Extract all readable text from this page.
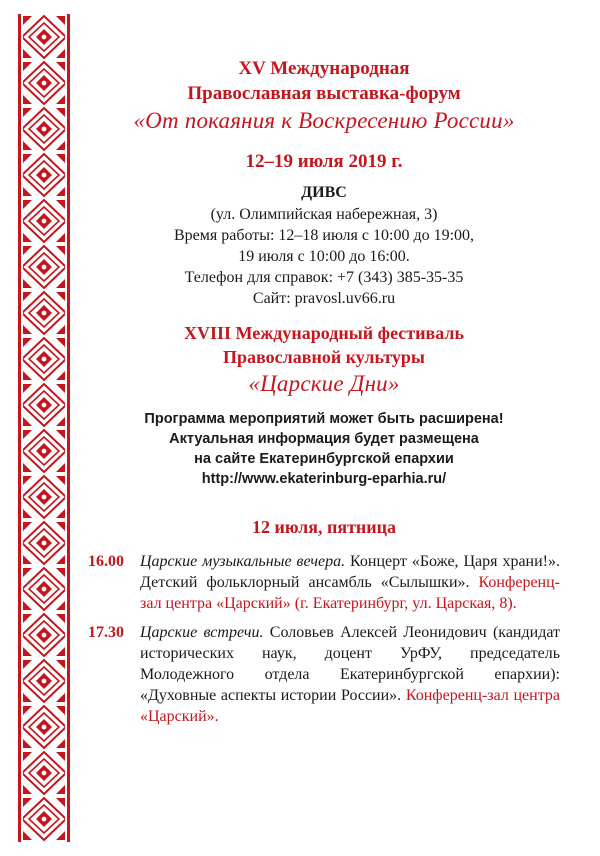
XV Международная
Православная выставка-форум
«От покаяния к Воскресению России»
12–19 июля 2019 г.
ДИВС
(ул. Олимпийская набережная, 3)
Время работы: 12–18 июля с 10:00 до 19:00,
19 июля с 10:00 до 16:00.
Телефон для справок: +7 (343) 385-35-35
Сайт: pravosl.uv66.ru
XVIII Международный фестиваль
Православной культуры
«Царские Дни»
Программа мероприятий может быть расширена!
Актуальная информация будет размещена
на сайте Екатеринбургской епархии
http://www.ekaterinburg-eparhia.ru/
12 июля, пятница
16.00	Царские музыкальные вечера. Концерт «Боже, Царя храни!». Детский фольклорный ансамбль «Сылышки». Конференц-зал центра «Царский» (г. Екатеринбург, ул. Царская, 8).
17.30	Царские встречи. Соловьев Алексей Леонидович (кандидат исторических наук, доцент УрФУ, председатель Молодежного отдела Екатеринбургской епархии): «Духовные аспекты истории России». Конференц-зал центра «Царский».
